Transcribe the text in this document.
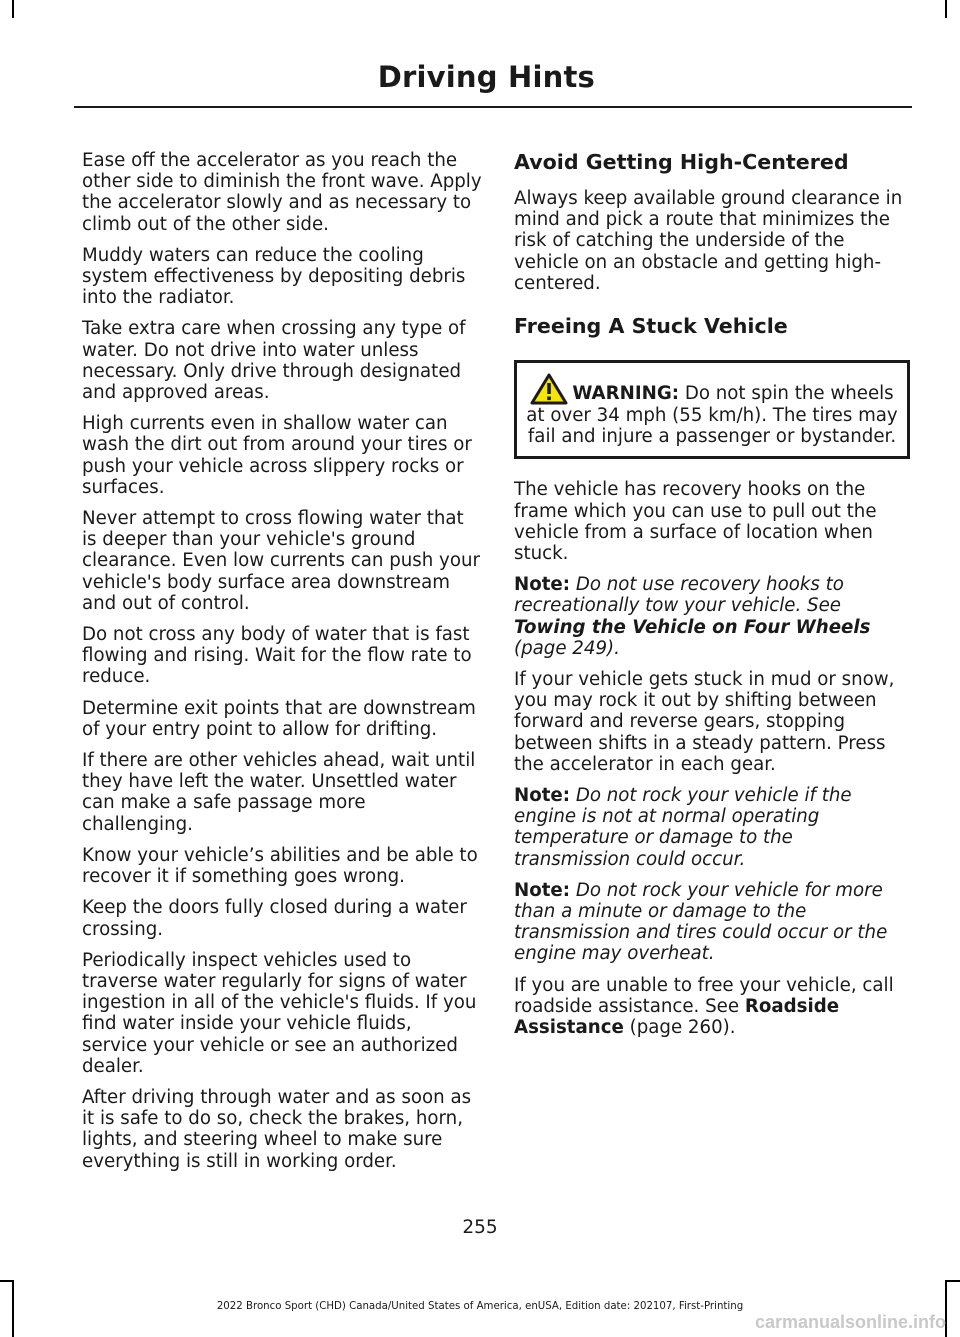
Driving Hints

Ease off the accelerator as you reach the other side to diminish the front wave. Apply the accelerator slowly and as necessary to climb out of the other side.

Muddy waters can reduce the cooling system effectiveness by depositing debris into the radiator.

Take extra care when crossing any type of water. Do not drive into water unless necessary. Only drive through designated and approved areas.

High currents even in shallow water can wash the dirt out from around your tires or push your vehicle across slippery rocks or surfaces.

Never attempt to cross flowing water that is deeper than your vehicle's ground clearance. Even low currents can push your vehicle's body surface area downstream and out of control.

Do not cross any body of water that is fast flowing and rising. Wait for the flow rate to reduce.

Determine exit points that are downstream of your entry point to allow for drifting.

If there are other vehicles ahead, wait until they have left the water. Unsettled water can make a safe passage more challenging.

Know your vehicle’s abilities and be able to recover it if something goes wrong.

Keep the doors fully closed during a water crossing.

Periodically inspect vehicles used to traverse water regularly for signs of water ingestion in all of the vehicle's fluids. If you find water inside your vehicle fluids, service your vehicle or see an authorized dealer.

After driving through water and as soon as it is safe to do so, check the brakes, horn, lights, and steering wheel to make sure everything is still in working order.

Avoid Getting High-Centered

Always keep available ground clearance in mind and pick a route that minimizes the risk of catching the underside of the vehicle on an obstacle and getting high-centered.

Freeing A Stuck Vehicle
WARNING: Do not spin the wheels at over 34 mph (55 km/h). The tires may fail and injure a passenger or bystander.

The vehicle has recovery hooks on the frame which you can use to pull out the vehicle from a surface of location when stuck.

Note: Do not use recovery hooks to recreationally tow your vehicle. See Towing the Vehicle on Four Wheels (page 249).

If your vehicle gets stuck in mud or snow, you may rock it out by shifting between forward and reverse gears, stopping between shifts in a steady pattern. Press the accelerator in each gear.

Note: Do not rock your vehicle if the engine is not at normal operating temperature or damage to the transmission could occur.

Note: Do not rock your vehicle for more than a minute or damage to the transmission and tires could occur or the engine may overheat.

If you are unable to free your vehicle, call roadside assistance. See Roadside Assistance (page 260).

255
2022 Bronco Sport (CHD) Canada/United States of America, enUSA, Edition date: 202107, First-Printing
carmanualsonline.info
